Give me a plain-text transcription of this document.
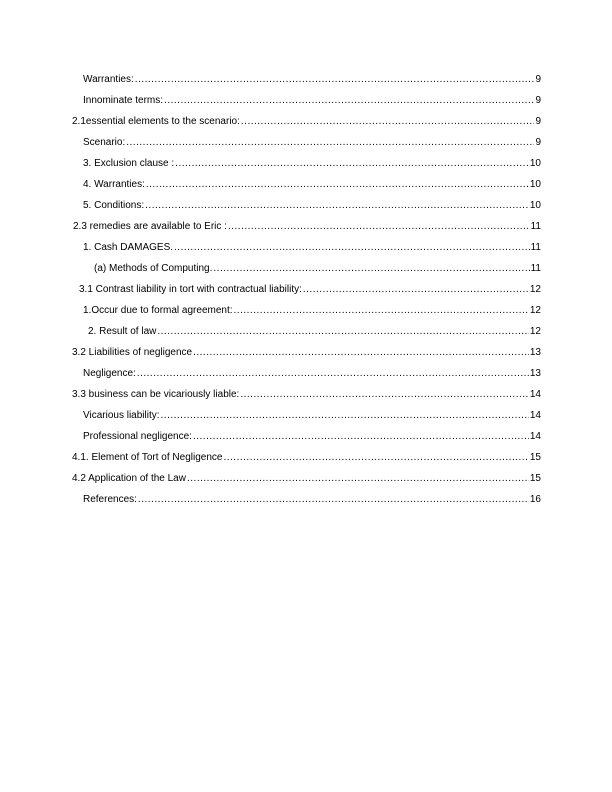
Warranties: .....	9
Innominate terms: .....	9
2.1essential elements to the scenario: .....	9
Scenario: .....	9
3. Exclusion clause : .....	10
4. Warranties: .....	10
5. Conditions: .....	10
2.3 remedies are available to Eric : .....	11
1. Cash DAMAGES. .....	11
(a) Methods of Computing. .....	11
3.1 Contrast liability in tort with contractual liability: .....	12
1.Occur due to formal agreement: .....	12
2. Result of law .....	12
3.2 Liabilities of negligence .....	13
Negligence: .....	13
3.3 business can be vicariously liable: .....	14
Vicarious liability: .....	14
Professional negligence: .....	14
4.1. Element of Tort of Negligence .....	15
4.2 Application of the Law .....	15
References: .....	16
